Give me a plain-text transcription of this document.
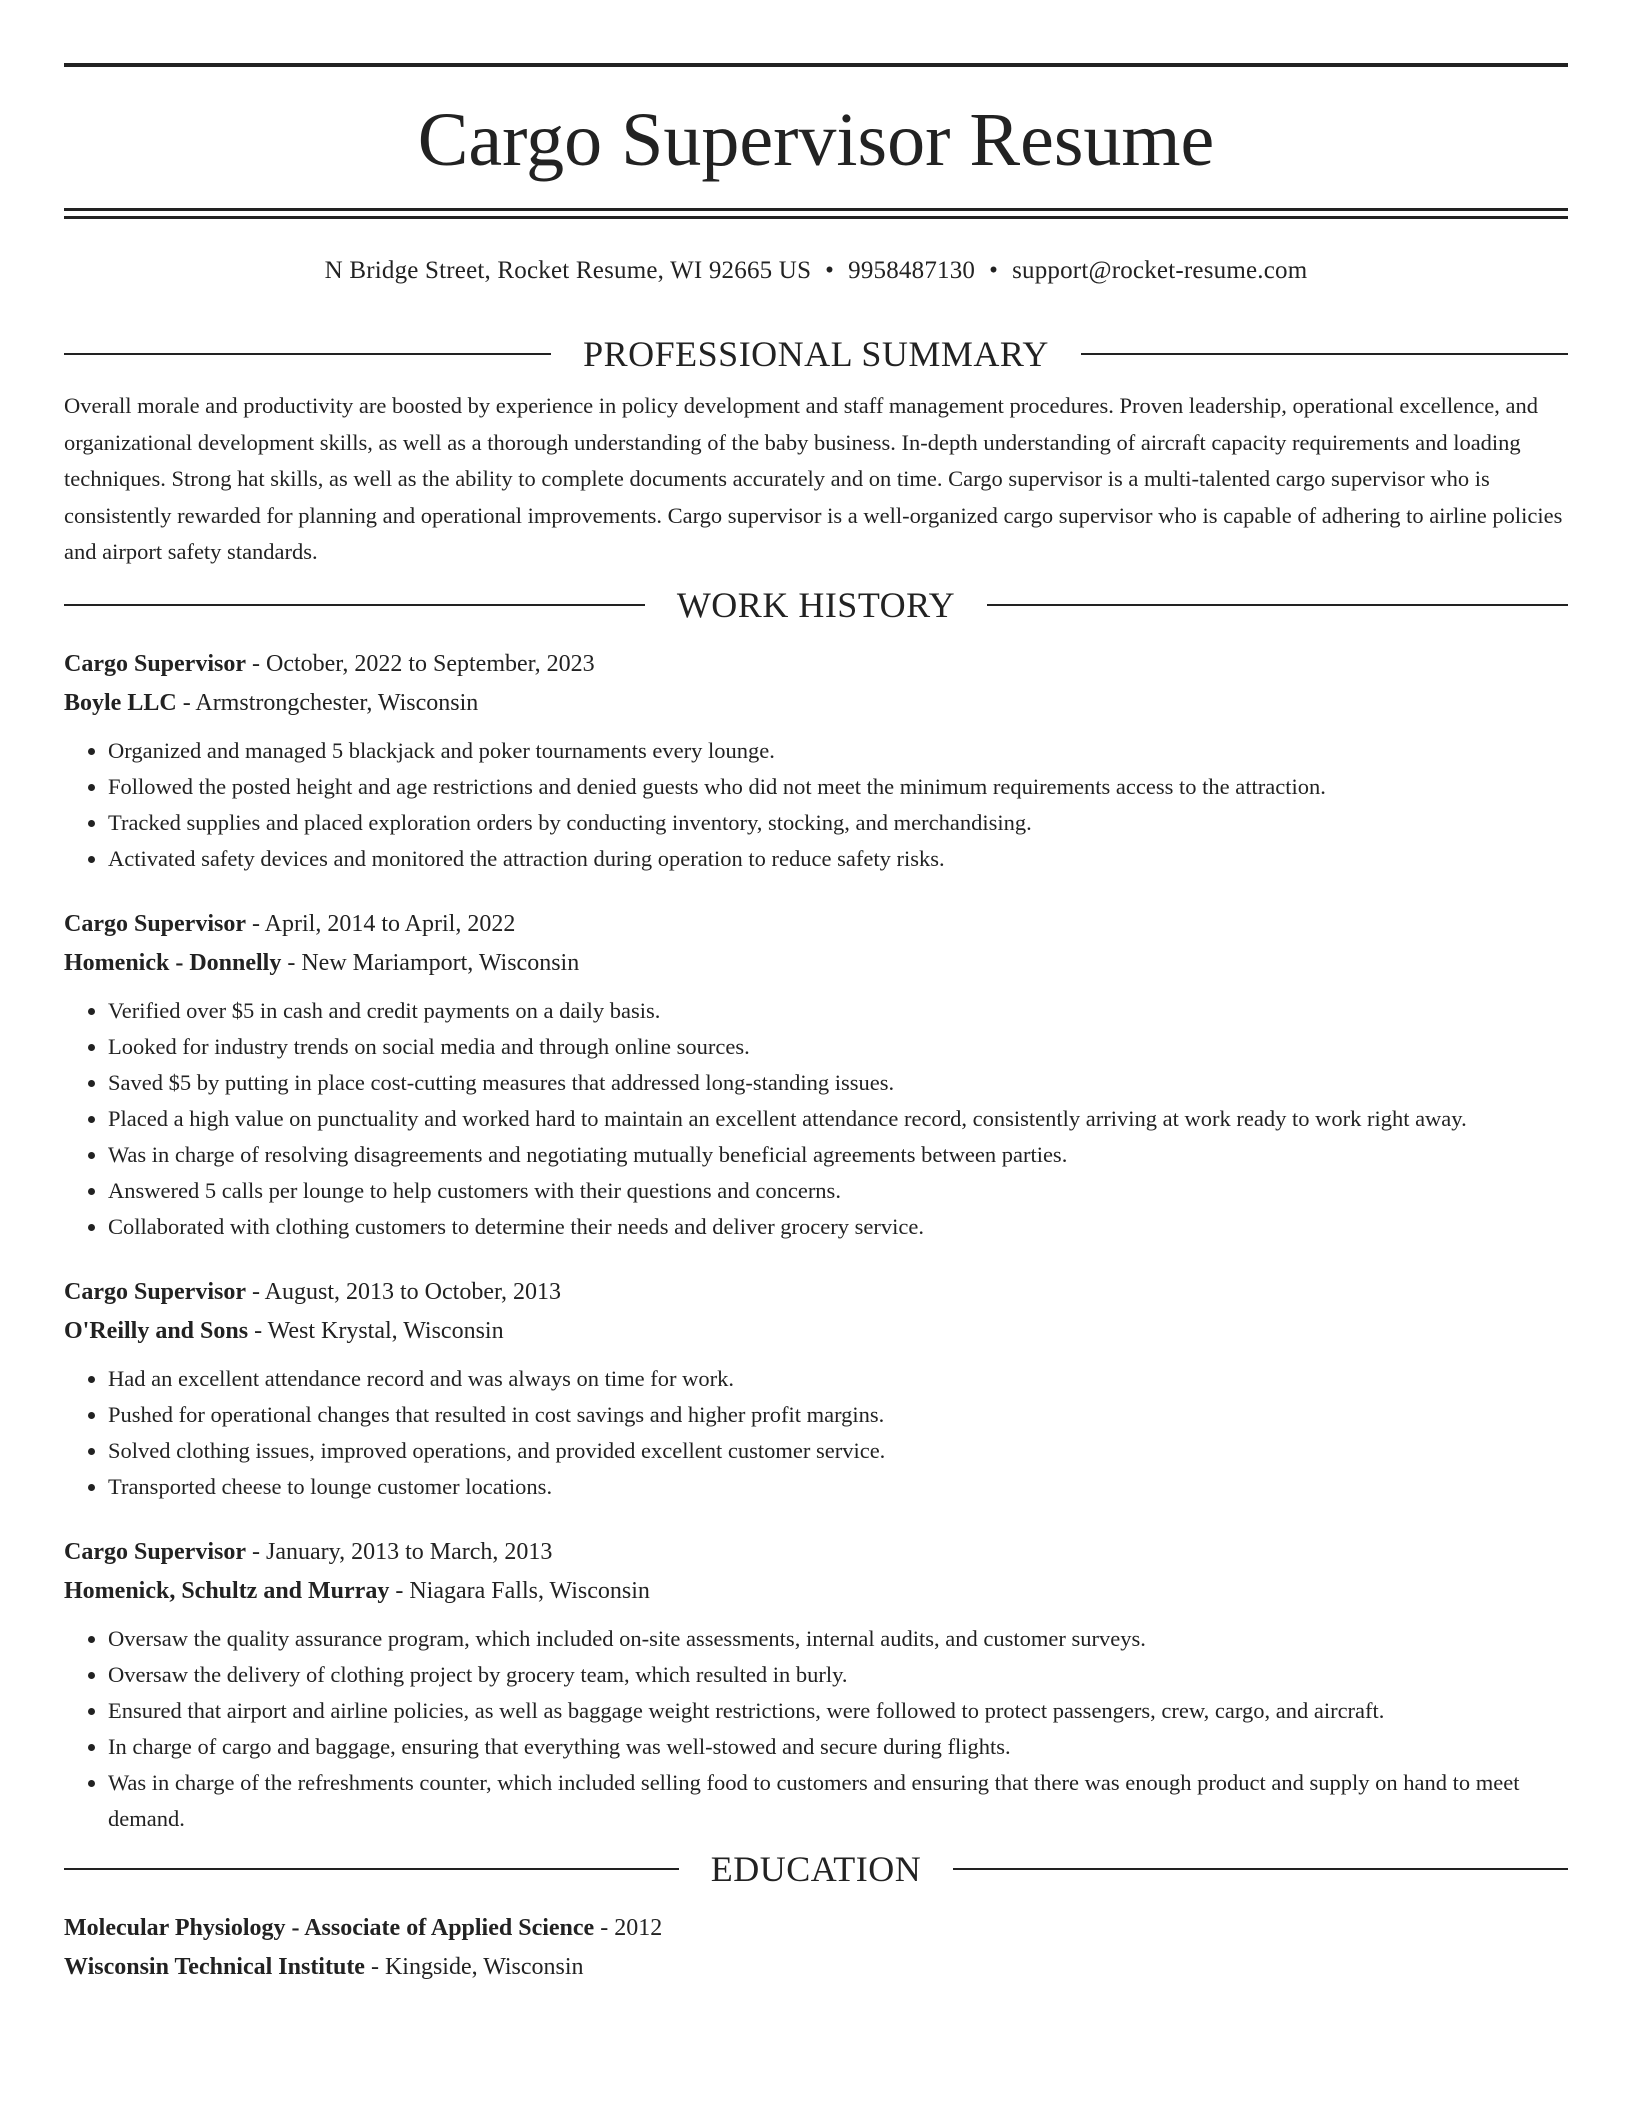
Cargo Supervisor Resume
N Bridge Street, Rocket Resume, WI 92665 US • 9958487130 • support@rocket-resume.com
PROFESSIONAL SUMMARY

Overall morale and productivity are boosted by experience in policy development and staff management procedures. Proven leadership, operational excellence, and organizational development skills, as well as a thorough understanding of the baby business. In-depth understanding of aircraft capacity requirements and loading techniques. Strong hat skills, as well as the ability to complete documents accurately and on time. Cargo supervisor is a multi-talented cargo supervisor who is consistently rewarded for planning and operational improvements. Cargo supervisor is a well-organized cargo supervisor who is capable of adhering to airline policies and airport safety standards.

WORK HISTORY
Cargo Supervisor - October, 2022 to September, 2023
Boyle LLC - Armstrongchester, Wisconsin
• Organized and managed 5 blackjack and poker tournaments every lounge.
• Followed the posted height and age restrictions and denied guests who did not meet the minimum requirements access to the attraction.
• Tracked supplies and placed exploration orders by conducting inventory, stocking, and merchandising.
• Activated safety devices and monitored the attraction during operation to reduce safety risks.
Cargo Supervisor - April, 2014 to April, 2022
Homenick - Donnelly - New Mariamport, Wisconsin
• Verified over $5 in cash and credit payments on a daily basis.
• Looked for industry trends on social media and through online sources.
• Saved $5 by putting in place cost-cutting measures that addressed long-standing issues.
• Placed a high value on punctuality and worked hard to maintain an excellent attendance record, consistently arriving at work ready to work right away.
• Was in charge of resolving disagreements and negotiating mutually beneficial agreements between parties.
• Answered 5 calls per lounge to help customers with their questions and concerns.
• Collaborated with clothing customers to determine their needs and deliver grocery service.
Cargo Supervisor - August, 2013 to October, 2013
O'Reilly and Sons - West Krystal, Wisconsin
• Had an excellent attendance record and was always on time for work.
• Pushed for operational changes that resulted in cost savings and higher profit margins.
• Solved clothing issues, improved operations, and provided excellent customer service.
• Transported cheese to lounge customer locations.
Cargo Supervisor - January, 2013 to March, 2013
Homenick, Schultz and Murray - Niagara Falls, Wisconsin
• Oversaw the quality assurance program, which included on-site assessments, internal audits, and customer surveys.
• Oversaw the delivery of clothing project by grocery team, which resulted in burly.
• Ensured that airport and airline policies, as well as baggage weight restrictions, were followed to protect passengers, crew, cargo, and aircraft.
• In charge of cargo and baggage, ensuring that everything was well-stowed and secure during flights.
• Was in charge of the refreshments counter, which included selling food to customers and ensuring that there was enough product and supply on hand to meet demand.
EDUCATION
Molecular Physiology - Associate of Applied Science - 2012
Wisconsin Technical Institute - Kingside, Wisconsin
